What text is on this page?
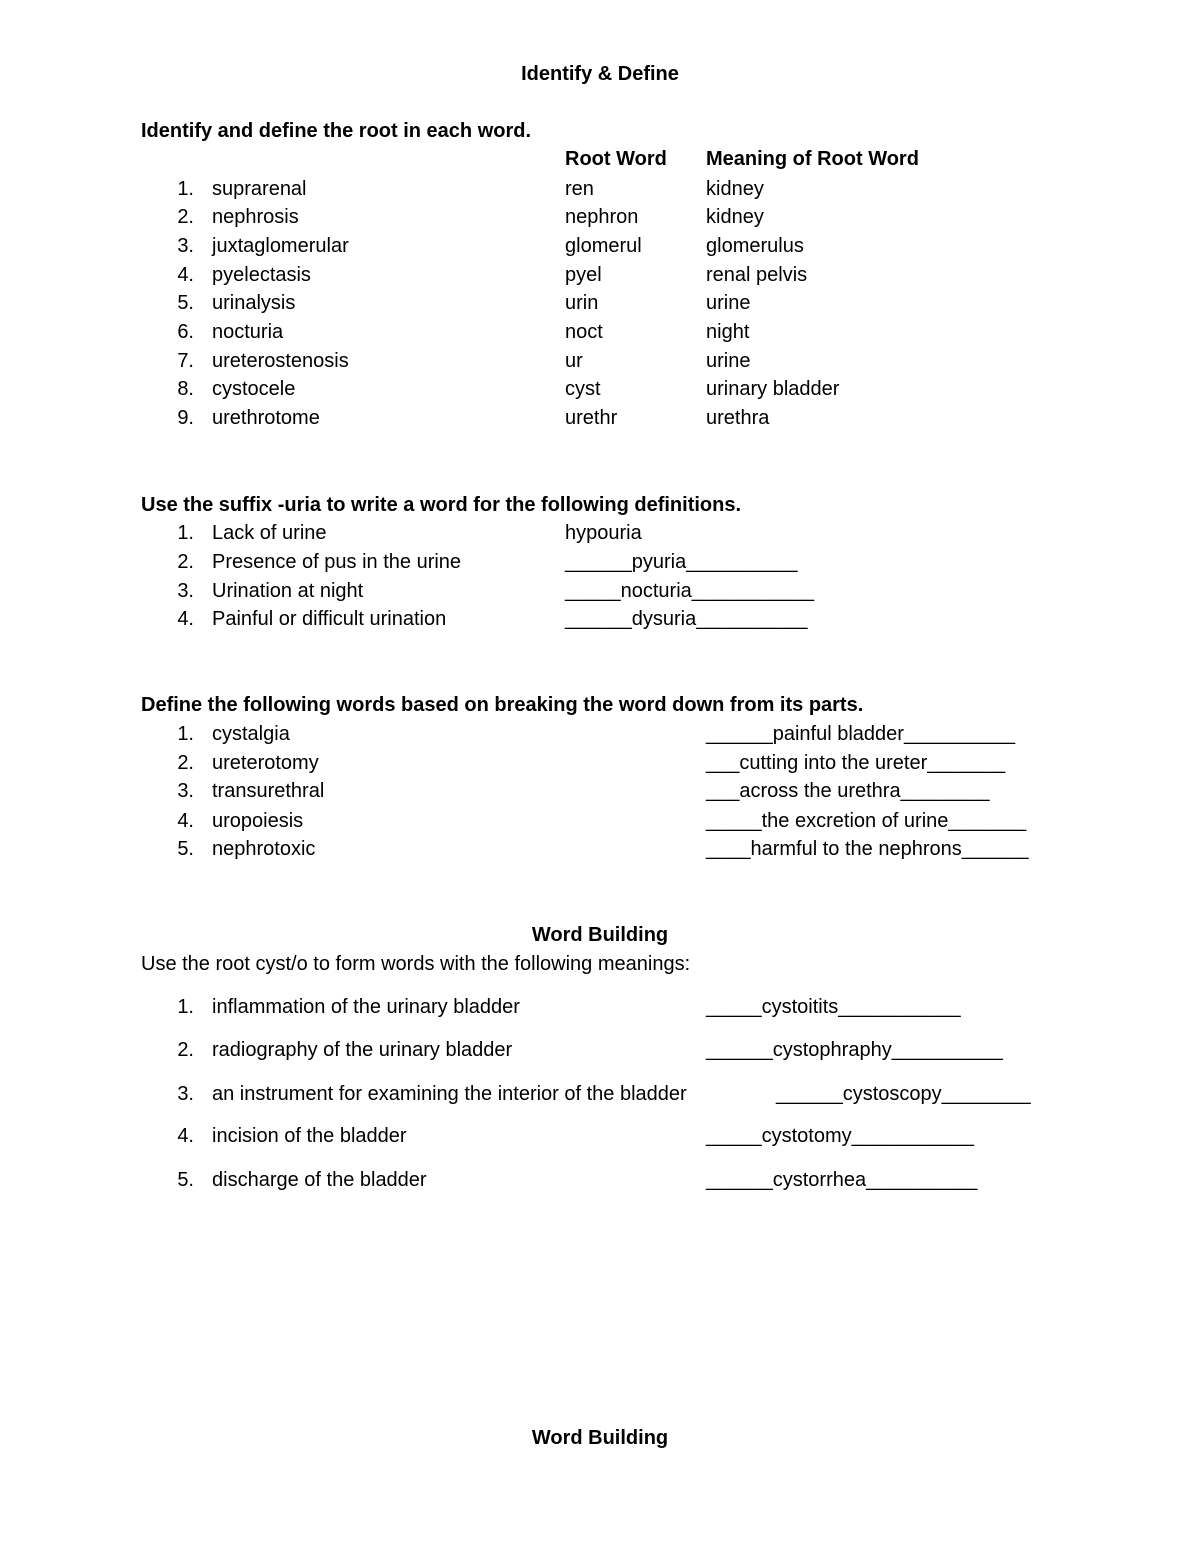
Identify & Define
Identify and define the root in each word.
Root Word Meaning of Root Word
1. suprarenal	ren	kidney
2. nephrosis	nephron	kidney
3. juxtaglomerular	glomerul	glomerulus
4. pyelectasis	pyel	renal pelvis
5. urinalysis	urin	urine
6. nocturia	noct	night
7. ureterostenosis	ur	urine
8. cystocele	cyst	urinary bladder
9. urethrotome	urethr	urethra
Use the suffix -uria to write a word for the following definitions.
1. Lack of urine	hypouria
2. Presence of pus in the urine	______pyuria__________
3. Urination at night	_____nocturia___________
4. Painful or difficult urination	______dysuria__________
Define the following words based on breaking the word down from its parts.
1. cystalgia	______painful bladder__________
2. ureterotomy	___cutting into the ureter_______
3. transurethral	___across the urethra________
4. uropoiesis	_____the excretion of urine_______
5. nephrotoxic	____harmful to the nephrons______
Word Building
Use the root cyst/o to form words with the following meanings:
1. inflammation of the urinary bladder	_____cystoitits___________
2. radiography of the urinary bladder	______cystophraphy__________
3. an instrument for examining the interior of the bladder	______cystoscopy________
4. incision of the bladder	_____cystotomy___________
5. discharge of the bladder	______cystorrhea__________
Word Building
